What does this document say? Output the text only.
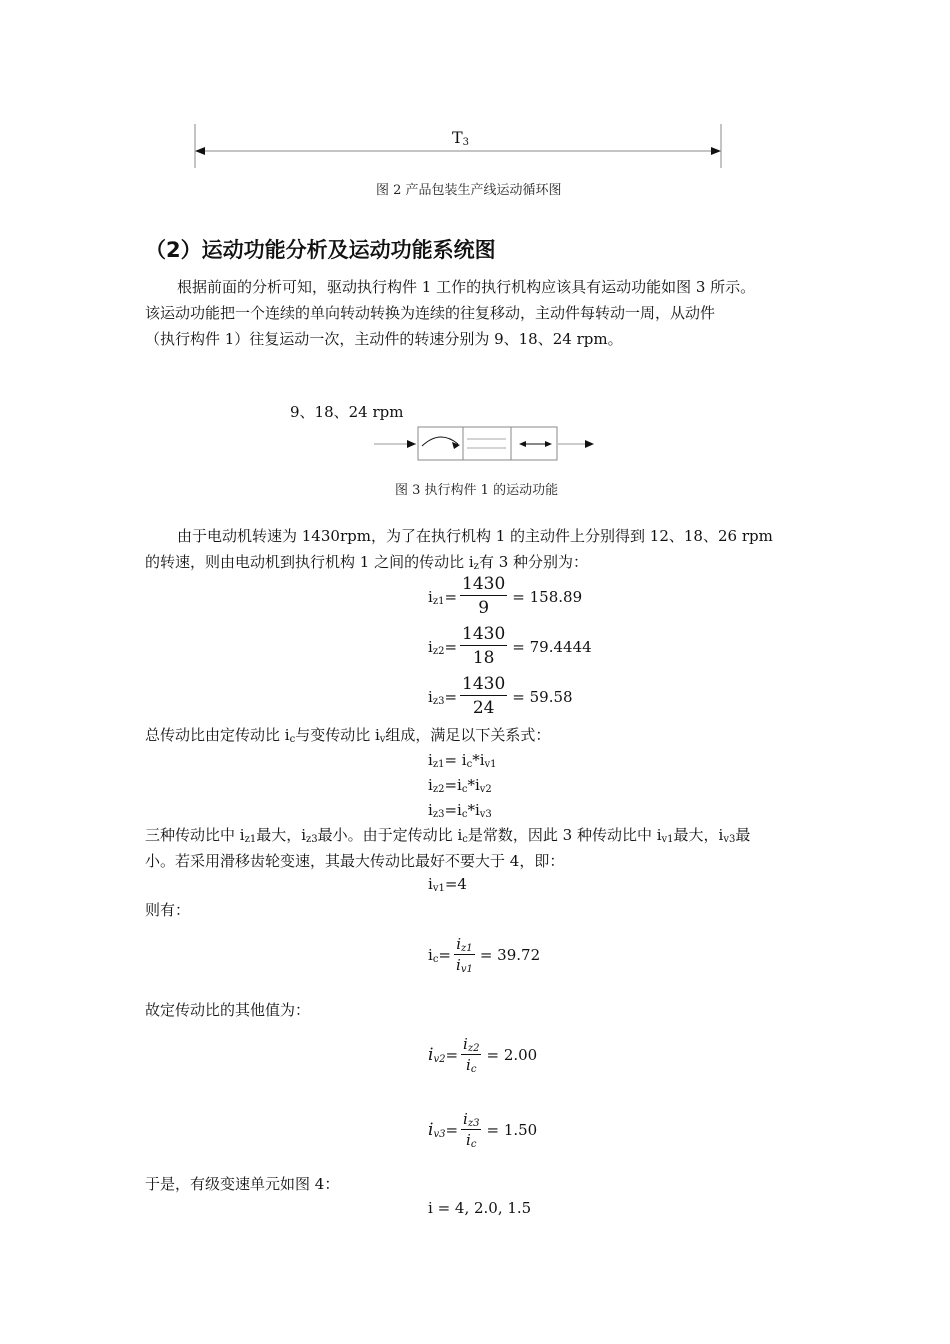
$T_3$
图 2 产品包装生产线运动循环图
（2）运动功能分析及运动功能系统图
根据前面的分析可知，驱动执行构件 1 工作的执行机构应该具有运动功能如图 3 所示。
该运动功能把一个连续的单向转动转换为连续的往复移动，主动件每转动一周，从动件
（执行构件 1）往复运动一次，主动件的转速分别为 9、18、24 rpm。
9、18、24 rpm
图 3 执行构件 1 的运动功能
由于电动机转速为 1430rpm，为了在执行机构 1 的主动件上分别得到 12、18、26 rpm
的转速，则由电动机到执行机构 1 之间的传动比 $i_z$有 3 种分别为：
$i_{z1}= \frac{1430}{9} = 158.89$
$i_{z2}= \frac{1430}{18} = 79.4444$
$i_{z3}= \frac{1430}{24} = 59.58$
总传动比由定传动比 $i_c$与变传动比 $i_v$组成，满足以下关系式：
$i_{z1}= i_c*i_{v1}$
$i_{z2}=i_c*i_{v2}$
$i_{z3}=i_c*i_{v3}$
三种传动比中 $i_{z1}$最大，$i_{z3}$最小。由于定传动比 $i_c$是常数，因此 3 种传动比中 $i_{v1}$最大，$i_{v3}$最
小。若采用滑移齿轮变速，其最大传动比最好不要大于 4，即：
$i_{v1}=4$
则有：
$i_c= \frac{i_{z1}}{i_{v1}} = 39.72$
故定传动比的其他值为：
$i_{v2}= \frac{i_{z2}}{i_c} = 2.00$
$i_{v3}= \frac{i_{z3}}{i_c} = 1.50$
于是，有级变速单元如图 4：
i = 4, 2.0, 1.5
